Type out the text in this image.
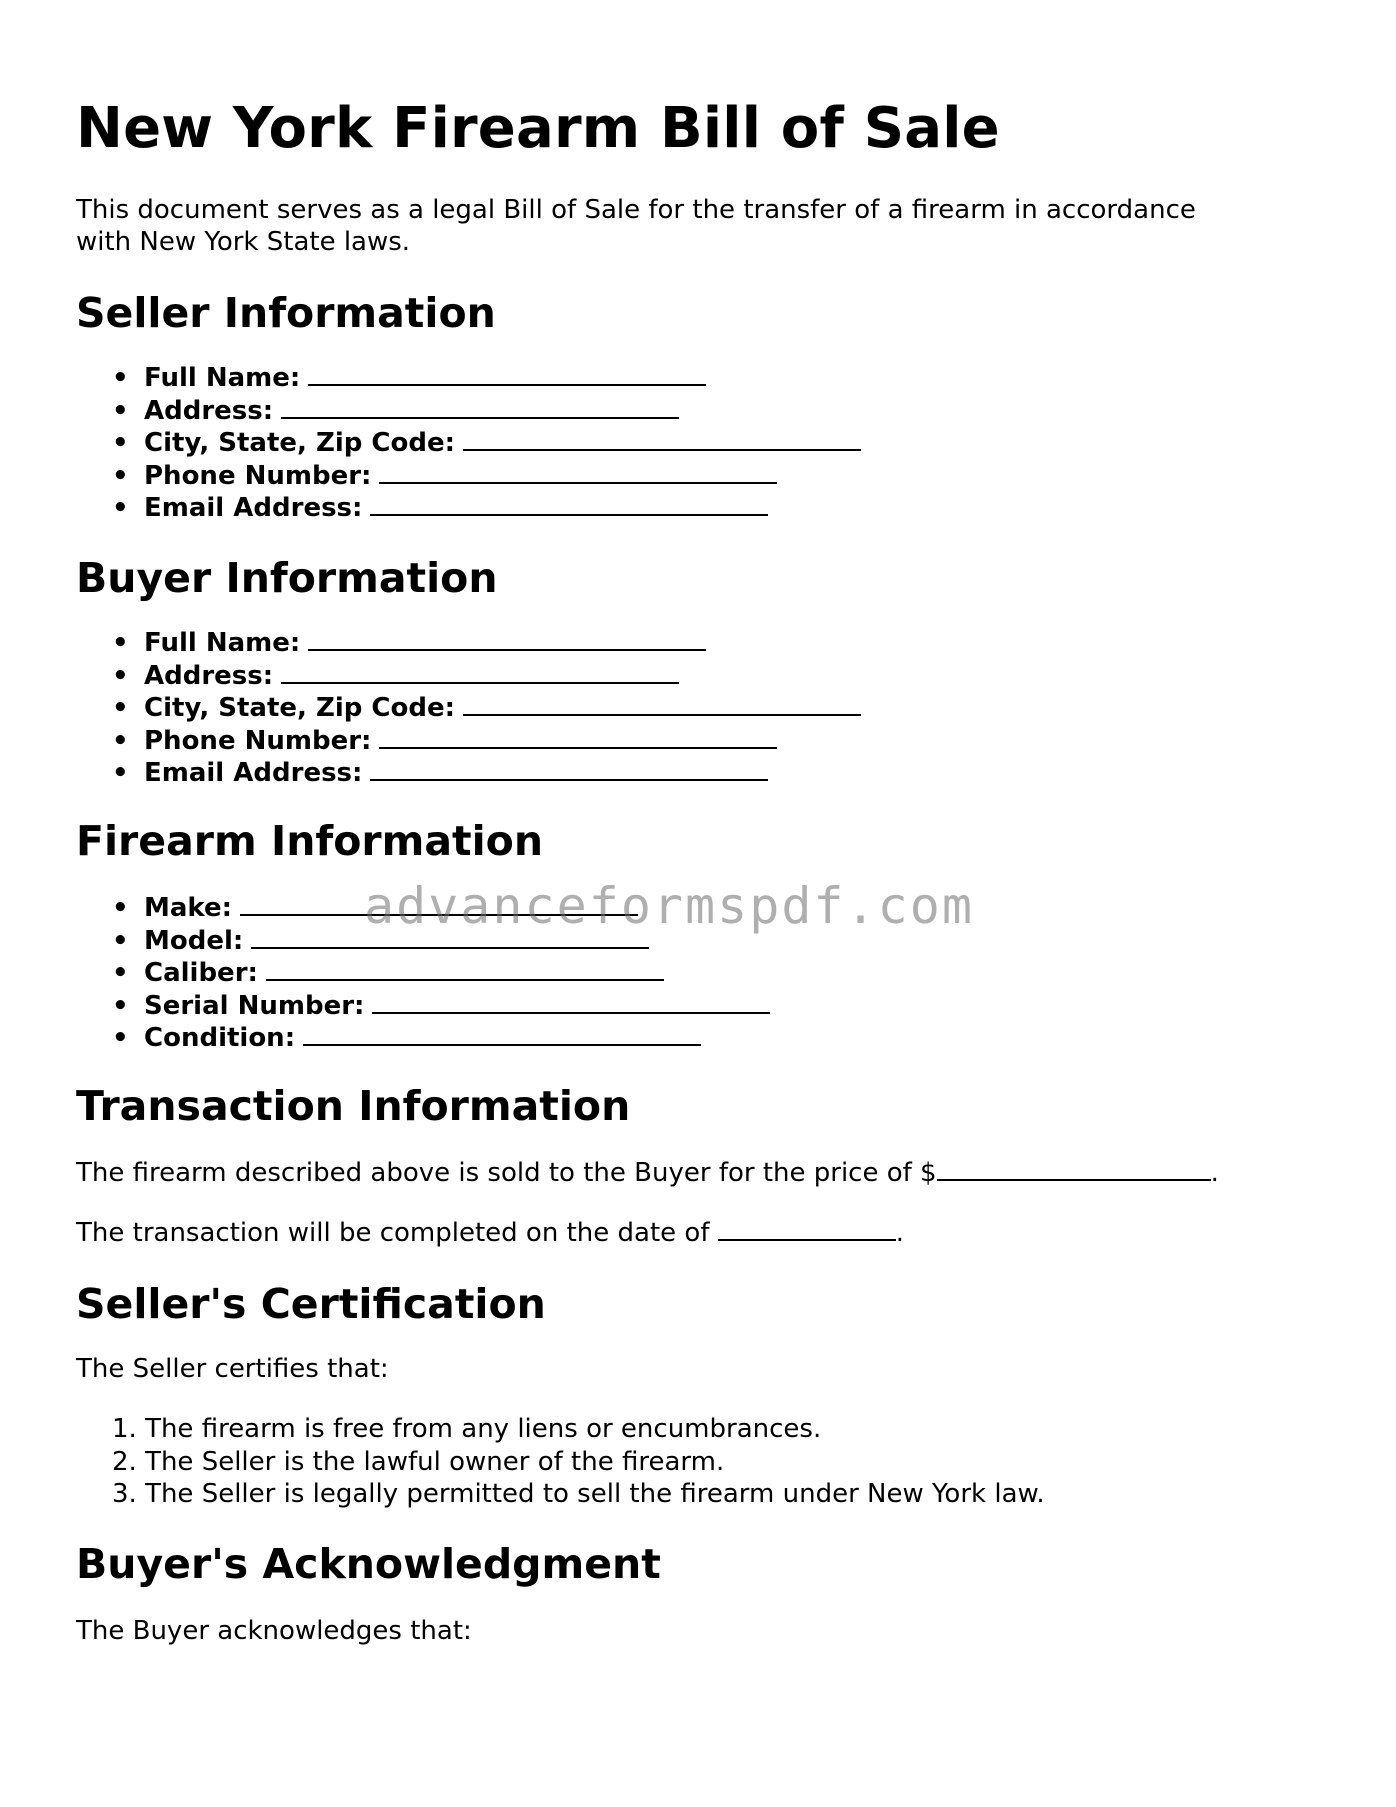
New York Firearm Bill of Sale

This document serves as a legal Bill of Sale for the transfer of a firearm in accordance
with New York State laws.

Seller Information
• Full Name:
• Address:
• City, State, Zip Code:
• Phone Number:
• Email Address:
Buyer Information
• Full Name:
• Address:
• City, State, Zip Code:
• Phone Number:
• Email Address:
Firearm Information
• Make:
• Model:
• Caliber:
• Serial Number:
• Condition:
Transaction Information

The firearm described above is sold to the Buyer for the price of $	.

The transaction will be completed on the date of	.

Seller's Certification

The Seller certifies that:

1. The firearm is free from any liens or encumbrances.
2. The Seller is the lawful owner of the firearm.
3. The Seller is legally permitted to sell the firearm under New York law.
Buyer's Acknowledgment

The Buyer acknowledges that:

advanceformspdf.com
